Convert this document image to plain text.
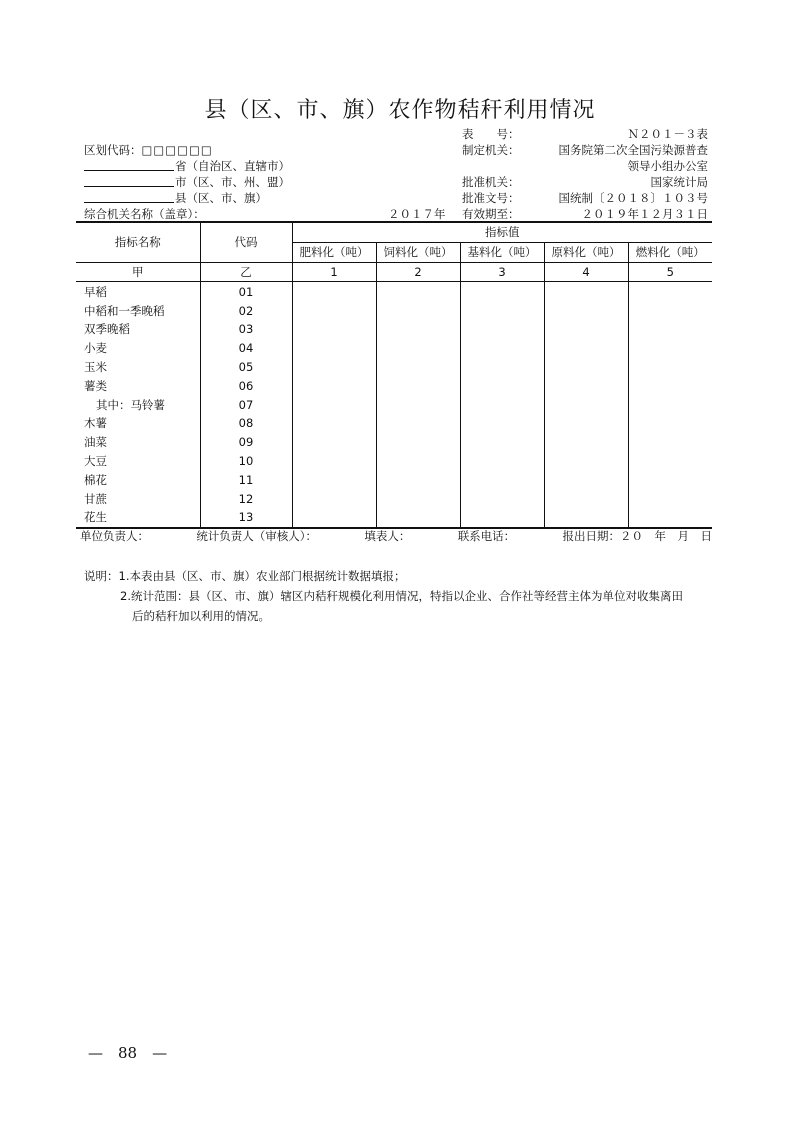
县（区、市、旗）农作物秸秆利用情况
表　　号：	Ｎ２０１－３表
区划代码：□□□□□□	制定机关：	国务院第二次全国污染源普查
领导小组办公室
省（自治区、直辖市）
市（区、市、州、盟）	批准机关：	国家统计局
县（区、市、旗）	批准文号：	国统制〔２０１８〕１０３号
综合机关名称（盖章）：	２０１７年 有效期至：	２０１９年１２月３１日
指标名称	代码	指标值				
		肥料化（吨）	饲料化（吨）	基料化（吨）	原料化（吨）	燃料化（吨）
甲	乙	1	2	3	4	5
早稻	01					
中稻和一季晚稻	02					
双季晚稻	03					
小麦	04					
玉米	05					
薯类	06					
其中：马铃薯	07					
木薯	08					
油菜	09					
大豆	10					
棉花	11					
甘蔗	12					
花生	13					
单位负责人：	统计负责人（审核人）：	填表人：	联系电话：	报出日期：２０　年　月　日
说明：1.本表由县（区、市、旗）农业部门根据统计数据填报；
2.统计范围：县（区、市、旗）辖区内秸秆规模化利用情况，特指以企业、合作社等经营主体为单位对收集离田
后的秸秆加以利用的情况。
—　88　—
